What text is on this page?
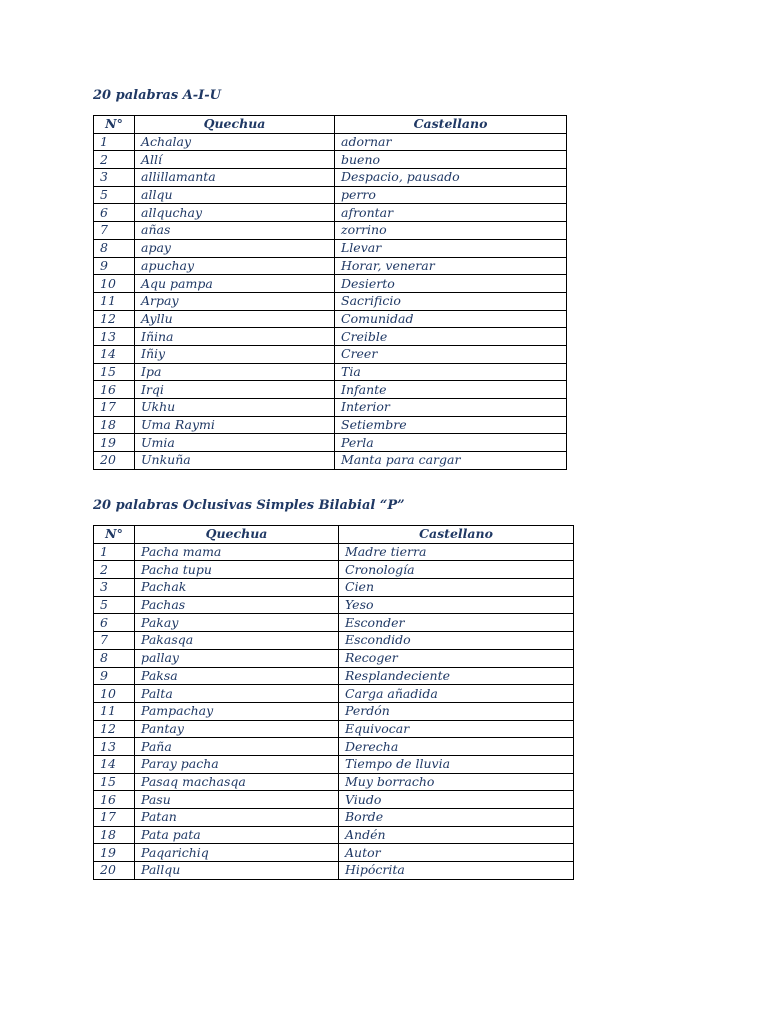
20 palabras A-I-U
N°	Quechua	Castellano
1	Achalay	adornar
2	Allí	bueno
3	allillamanta	Despacio, pausado
5	allqu	perro
6	allquchay	afrontar
7	añas	zorrino
8	apay	Llevar
9	apuchay	Horar, venerar
10	Aqu pampa	Desierto
11	Arpay	Sacrificio
12	Ayllu	Comunidad
13	Iñina	Creible
14	Iñiy	Creer
15	Ipa	Tia
16	Irqi	Infante
17	Ukhu	Interior
18	Uma Raymi	Setiembre
19	Umia	Perla
20	Unkuña	Manta para cargar
20 palabras Oclusivas Simples Bilabial “P”
N°	Quechua	Castellano
1	Pacha mama	Madre tierra
2	Pacha tupu	Cronología
3	Pachak	Cien
5	Pachas	Yeso
6	Pakay	Esconder
7	Pakasqa	Escondido
8	pallay	Recoger
9	Paksa	Resplandeciente
10	Palta	Carga añadida
11	Pampachay	Perdón
12	Pantay	Equivocar
13	Paña	Derecha
14	Paray pacha	Tiempo de lluvia
15	Pasaq machasqa	Muy borracho
16	Pasu	Viudo
17	Patan	Borde
18	Pata pata	Andén
19	Paqarichiq	Autor
20	Pallqu	Hipócrita
